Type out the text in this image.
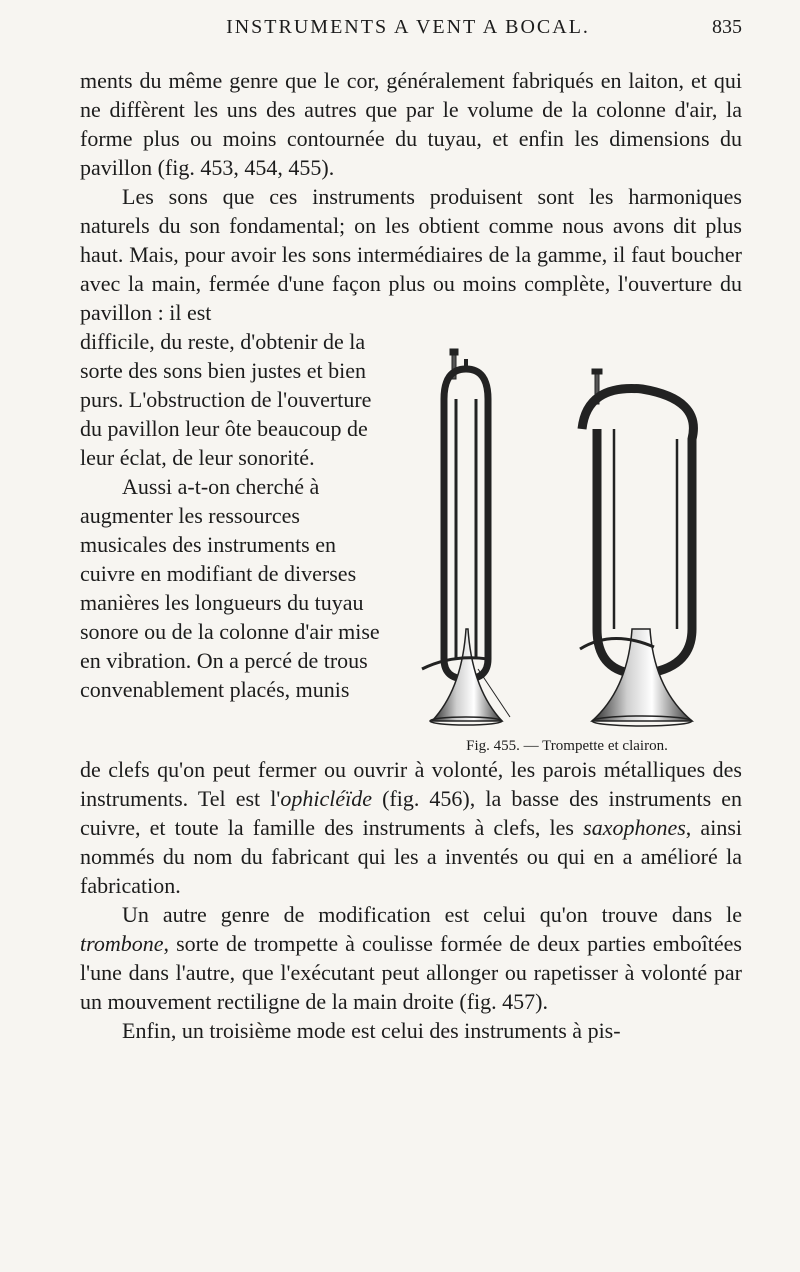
INSTRUMENTS A VENT A BOCAL.	835

ments du même genre que le cor, généralement fabriqués en laiton, et qui ne diffèrent les uns des autres que par le volume de la colonne d'air, la forme plus ou moins contournée du tuyau, et enfin les dimensions du pavillon (fig. 453, 454, 455).

Les sons que ces instruments produisent sont les harmoniques naturels du son fondamental; on les obtient comme nous avons dit plus haut. Mais, pour avoir les sons intermédiaires de la gamme, il faut boucher avec la main, fermée d'une façon plus ou moins complète, l'ouverture du pavillon : il est

difficile, du reste, d'obtenir de la sorte des sons bien justes et bien purs. L'obstruction de l'ouverture du pavillon leur ôte beaucoup de leur éclat, de leur sonorité.

Aussi a-t-on cherché à augmenter les ressources musicales des instruments en cuivre en modifiant de diverses manières les longueurs du tuyau sonore ou de la colonne d'air mise en vibration. On a percé de trous convenablement placés, munis

Fig. 455. — Trompette et clairon.

de clefs qu'on peut fermer ou ouvrir à volonté, les parois métalliques des instruments. Tel est l'ophicléïde (fig. 456), la basse des instruments en cuivre, et toute la famille des instruments à clefs, les saxophones, ainsi nommés du nom du fabricant qui les a inventés ou qui en a amélioré la fabrication.

Un autre genre de modification est celui qu'on trouve dans le trombone, sorte de trompette à coulisse formée de deux parties emboîtées l'une dans l'autre, que l'exécutant peut allonger ou rapetisser à volonté par un mouvement rectiligne de la main droite (fig. 457).

Enfin, un troisième mode est celui des instruments à pis-
